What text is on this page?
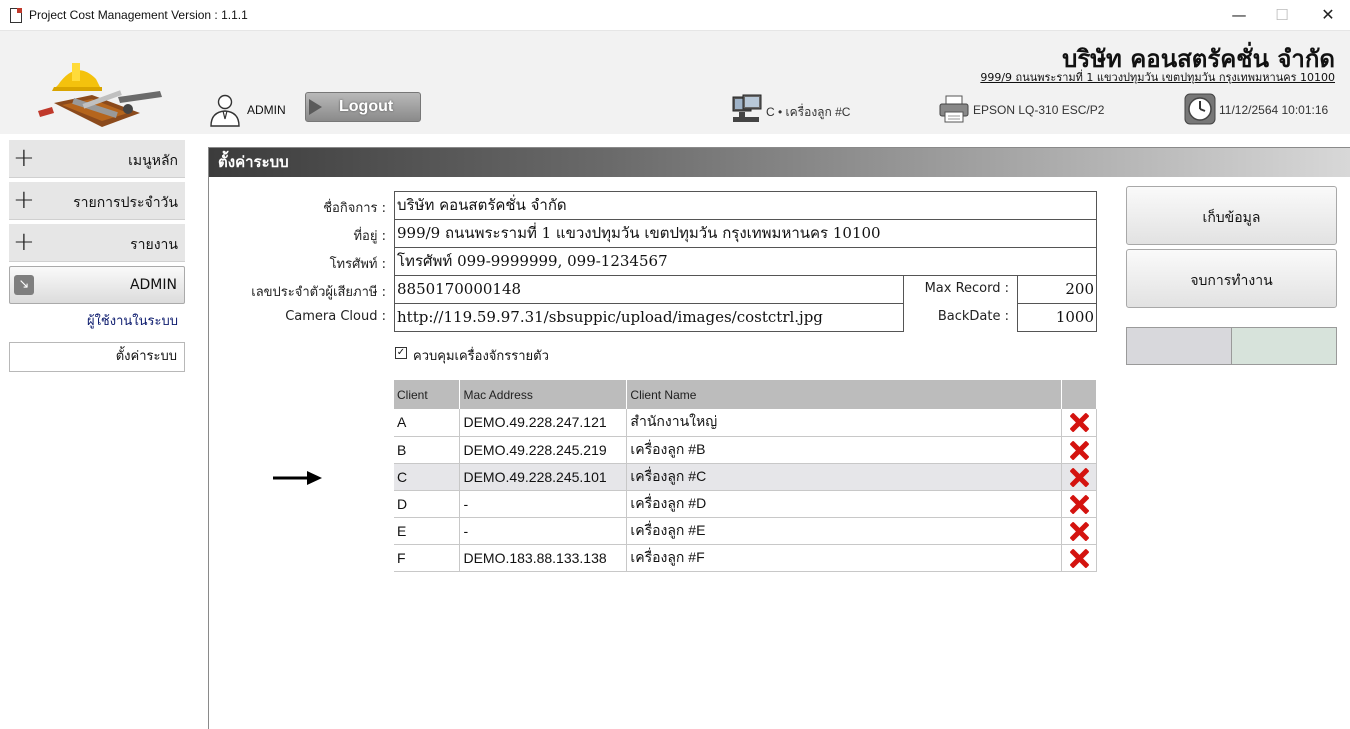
Project Cost Management Version : 1.1.1	—	☐	✕
บริษัท คอนสตรัคชั่น จำกัด
999/9 ถนนพระรามที่ 1 แขวงปทุมวัน เขตปทุมวัน กรุงเทพมหานคร 10100
ADMIN	Logout	C • เครื่องลูก #C	EPSON LQ-310 ESC/P2	11/12/2564 10:01:16
+	เมนูหลัก
+	รายการประจำวัน
+	รายงาน
↘	ADMIN
ผู้ใช้งานในระบบ
ตั้งค่าระบบ
ตั้งค่าระบบ
ชื่อกิจการ : บริษัท คอนสตรัคชั่น จำกัด
ที่อยู่ : 999/9 ถนนพระรามที่ 1 แขวงปทุมวัน เขตปทุมวัน กรุงเทพมหานคร 10100
โทรศัพท์ : โทรศัพท์ 099-9999999, 099-1234567
เลขประจำตัวผู้เสียภาษี : 8850170000148	Max Record :	200
Camera Cloud : http://119.59.97.31/sbsuppic/upload/images/costctrl.jpg	BackDate :	1000
✓ ควบคุมเครื่องจักรรายตัว
เก็บข้อมูล
จบการทำงาน
Client	Mac Address	Client Name	
A	DEMO.49.228.247.121	สำนักงานใหญ่	
B	DEMO.49.228.245.219	เครื่องลูก #B	
C	DEMO.49.228.245.101	เครื่องลูก #C	
D	-	เครื่องลูก #D	
E	-	เครื่องลูก #E	
F	DEMO.183.88.133.138	เครื่องลูก #F	
